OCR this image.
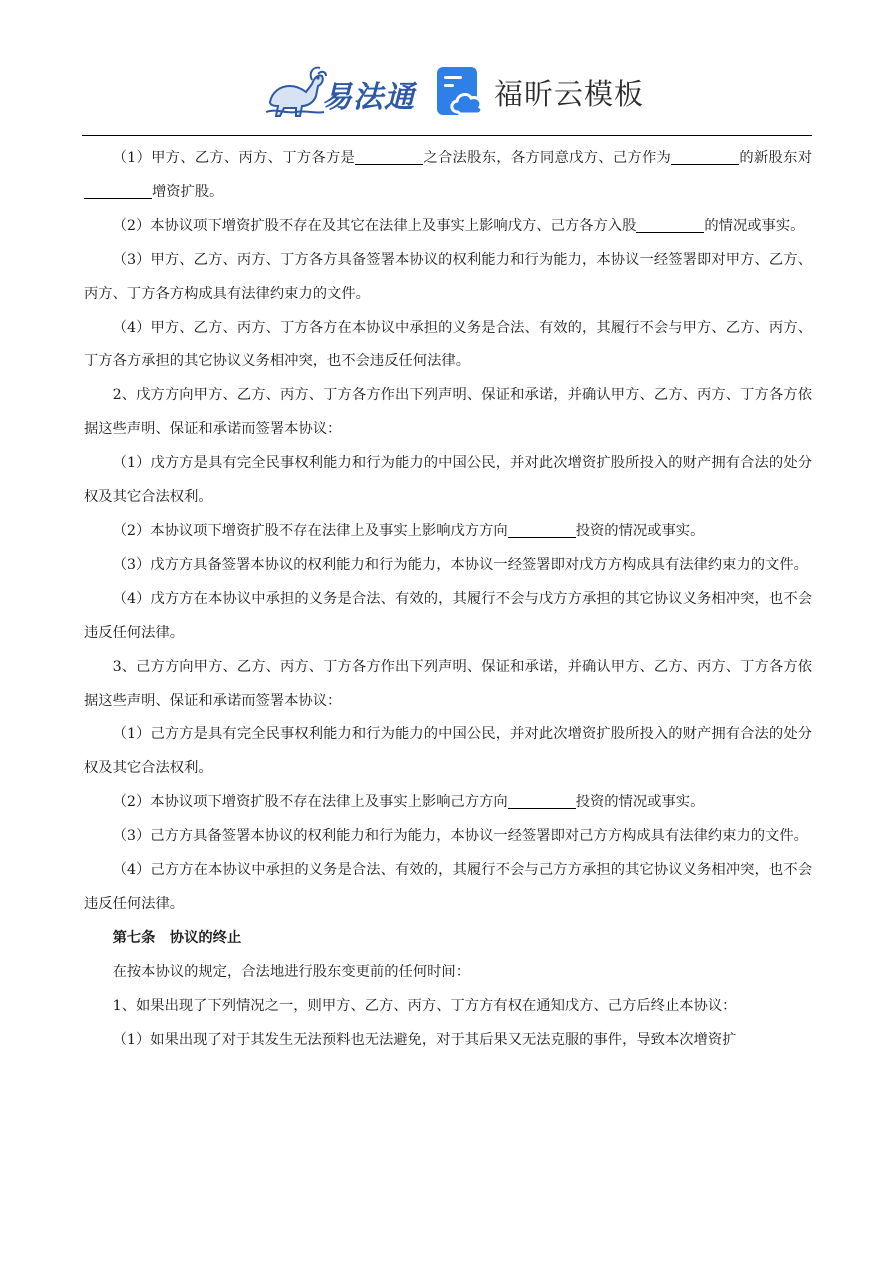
易法通	福昕云模板

（1）甲方、乙方、丙方、丁方各方是	之合法股东，各方同意戊方、己方作为	的新股东对增资扩股。

（2）本协议项下增资扩股不存在及其它在法律上及事实上影响戊方、己方各方入股	的情况或事实。

（3）甲方、乙方、丙方、丁方各方具备签署本协议的权利能力和行为能力，本协议一经签署即对甲方、乙方、丙方、丁方各方构成具有法律约束力的文件。

（4）甲方、乙方、丙方、丁方各方在本协议中承担的义务是合法、有效的，其履行不会与甲方、乙方、丙方、丁方各方承担的其它协议义务相冲突，也不会违反任何法律。

2、戊方方向甲方、乙方、丙方、丁方各方作出下列声明、保证和承诺，并确认甲方、乙方、丙方、丁方各方依据这些声明、保证和承诺而签署本协议：

（1）戊方方是具有完全民事权利能力和行为能力的中国公民，并对此次增资扩股所投入的财产拥有合法的处分权及其它合法权利。

（2）本协议项下增资扩股不存在法律上及事实上影响戊方方向	投资的情况或事实。

（3）戊方方具备签署本协议的权利能力和行为能力，本协议一经签署即对戊方方构成具有法律约束力的文件。

（4）戊方方在本协议中承担的义务是合法、有效的，其履行不会与戊方方承担的其它协议义务相冲突，也不会违反任何法律。

3、己方方向甲方、乙方、丙方、丁方各方作出下列声明、保证和承诺，并确认甲方、乙方、丙方、丁方各方依据这些声明、保证和承诺而签署本协议：

（1）己方方是具有完全民事权利能力和行为能力的中国公民，并对此次增资扩股所投入的财产拥有合法的处分权及其它合法权利。

（2）本协议项下增资扩股不存在法律上及事实上影响己方方向	投资的情况或事实。

（3）己方方具备签署本协议的权利能力和行为能力，本协议一经签署即对己方方构成具有法律约束力的文件。

（4）己方方在本协议中承担的义务是合法、有效的，其履行不会与己方方承担的其它协议义务相冲突，也不会违反任何法律。

第七条　协议的终止

在按本协议的规定，合法地进行股东变更前的任何时间：

1、如果出现了下列情况之一，则甲方、乙方、丙方、丁方方有权在通知戊方、己方后终止本协议：

（1）如果出现了对于其发生无法预料也无法避免，对于其后果又无法克服的事件，导致本次增资扩
